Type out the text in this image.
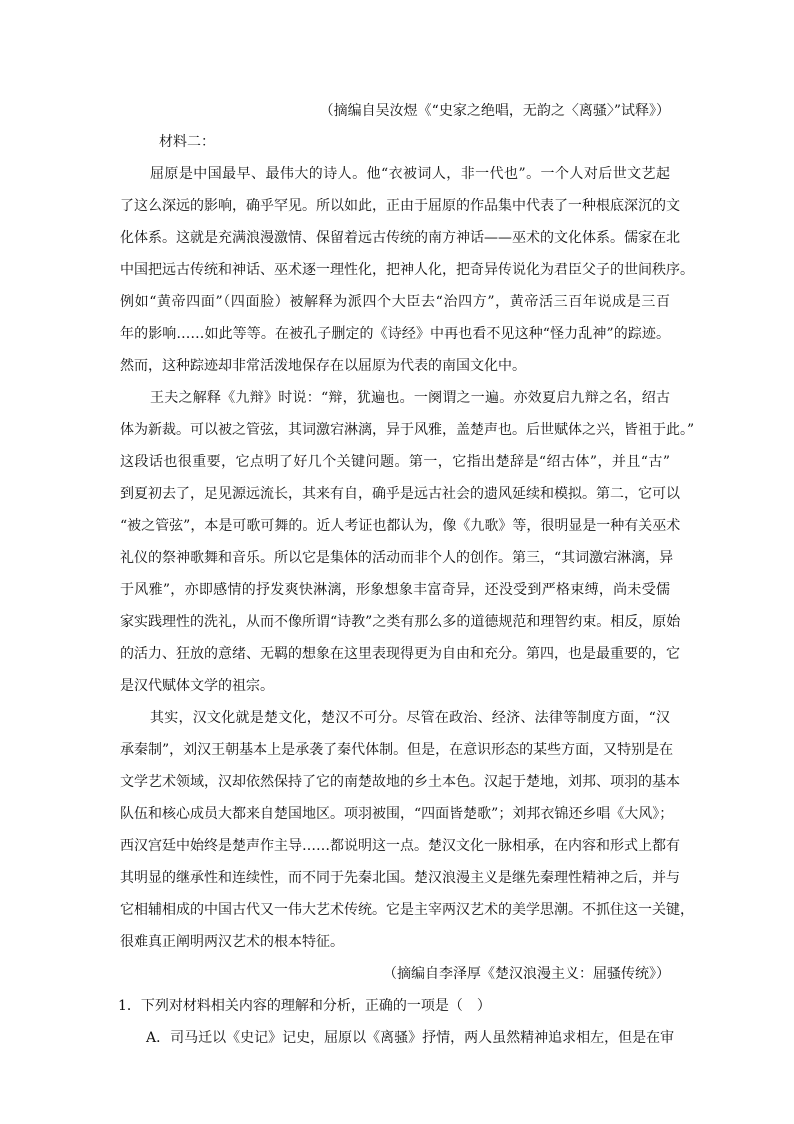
（摘编自吴汝煜《“史家之绝唱，无韵之〈离骚〉”试释》）
材料二：
屈原是中国最早、最伟大的诗人。他“衣被词人，非一代也”。一个人对后世文艺起
了这么深远的影响，确乎罕见。所以如此，正由于屈原的作品集中代表了一种根底深沉的文
化体系。这就是充满浪漫激情、保留着远古传统的南方神话——巫术的文化体系。儒家在北
中国把远古传统和神话、巫术逐一理性化，把神人化，把奇异传说化为君臣父子的世间秩序。
例如“黄帝四面”（四面脸）被解释为派四个大臣去“治四方”，黄帝活三百年说成是三百
年的影响……如此等等。在被孔子删定的《诗经》中再也看不见这种“怪力乱神”的踪迹。
然而，这种踪迹却非常活泼地保存在以屈原为代表的南国文化中。
王夫之解释《九辩》时说：“辩，犹遍也。一阕谓之一遍。亦效夏启九辩之名，绍古
体为新裁。可以被之管弦，其词激宕淋漓，异于风雅，盖楚声也。后世赋体之兴，皆祖于此。”
这段话也很重要，它点明了好几个关键问题。第一，它指出楚辞是“绍古体”，并且“古”
到夏初去了，足见源远流长，其来有自，确乎是远古社会的遗风延续和模拟。第二，它可以
“被之管弦”，本是可歌可舞的。近人考证也都认为，像《九歌》等，很明显是一种有关巫术
礼仪的祭神歌舞和音乐。所以它是集体的活动而非个人的创作。第三，“其词激宕淋漓，异
于风雅”，亦即感情的抒发爽快淋漓，形象想象丰富奇异，还没受到严格束缚，尚未受儒
家实践理性的洗礼，从而不像所谓“诗教”之类有那么多的道德规范和理智约束。相反，原始
的活力、狂放的意绪、无羁的想象在这里表现得更为自由和充分。第四，也是最重要的，它
是汉代赋体文学的祖宗。
其实，汉文化就是楚文化，楚汉不可分。尽管在政治、经济、法律等制度方面，“汉
承秦制”，刘汉王朝基本上是承袭了秦代体制。但是，在意识形态的某些方面，又特别是在
文学艺术领域，汉却依然保持了它的南楚故地的乡土本色。汉起于楚地，刘邦、项羽的基本
队伍和核心成员大都来自楚国地区。项羽被围，“四面皆楚歌”；刘邦衣锦还乡唱《大风》；
西汉宫廷中始终是楚声作主导……都说明这一点。楚汉文化一脉相承，在内容和形式上都有
其明显的继承性和连续性，而不同于先秦北国。楚汉浪漫主义是继先秦理性精神之后，并与
它相辅相成的中国古代又一伟大艺术传统。它是主宰两汉艺术的美学思潮。不抓住这一关键，
很难真正阐明两汉艺术的根本特征。
（摘编自李泽厚《楚汉浪漫主义：屈骚传统》）
1．下列对材料相关内容的理解和分析，正确的一项是（　）
A．司马迁以《史记》记史，屈原以《离骚》抒情，两人虽然精神追求相左，但是在审
